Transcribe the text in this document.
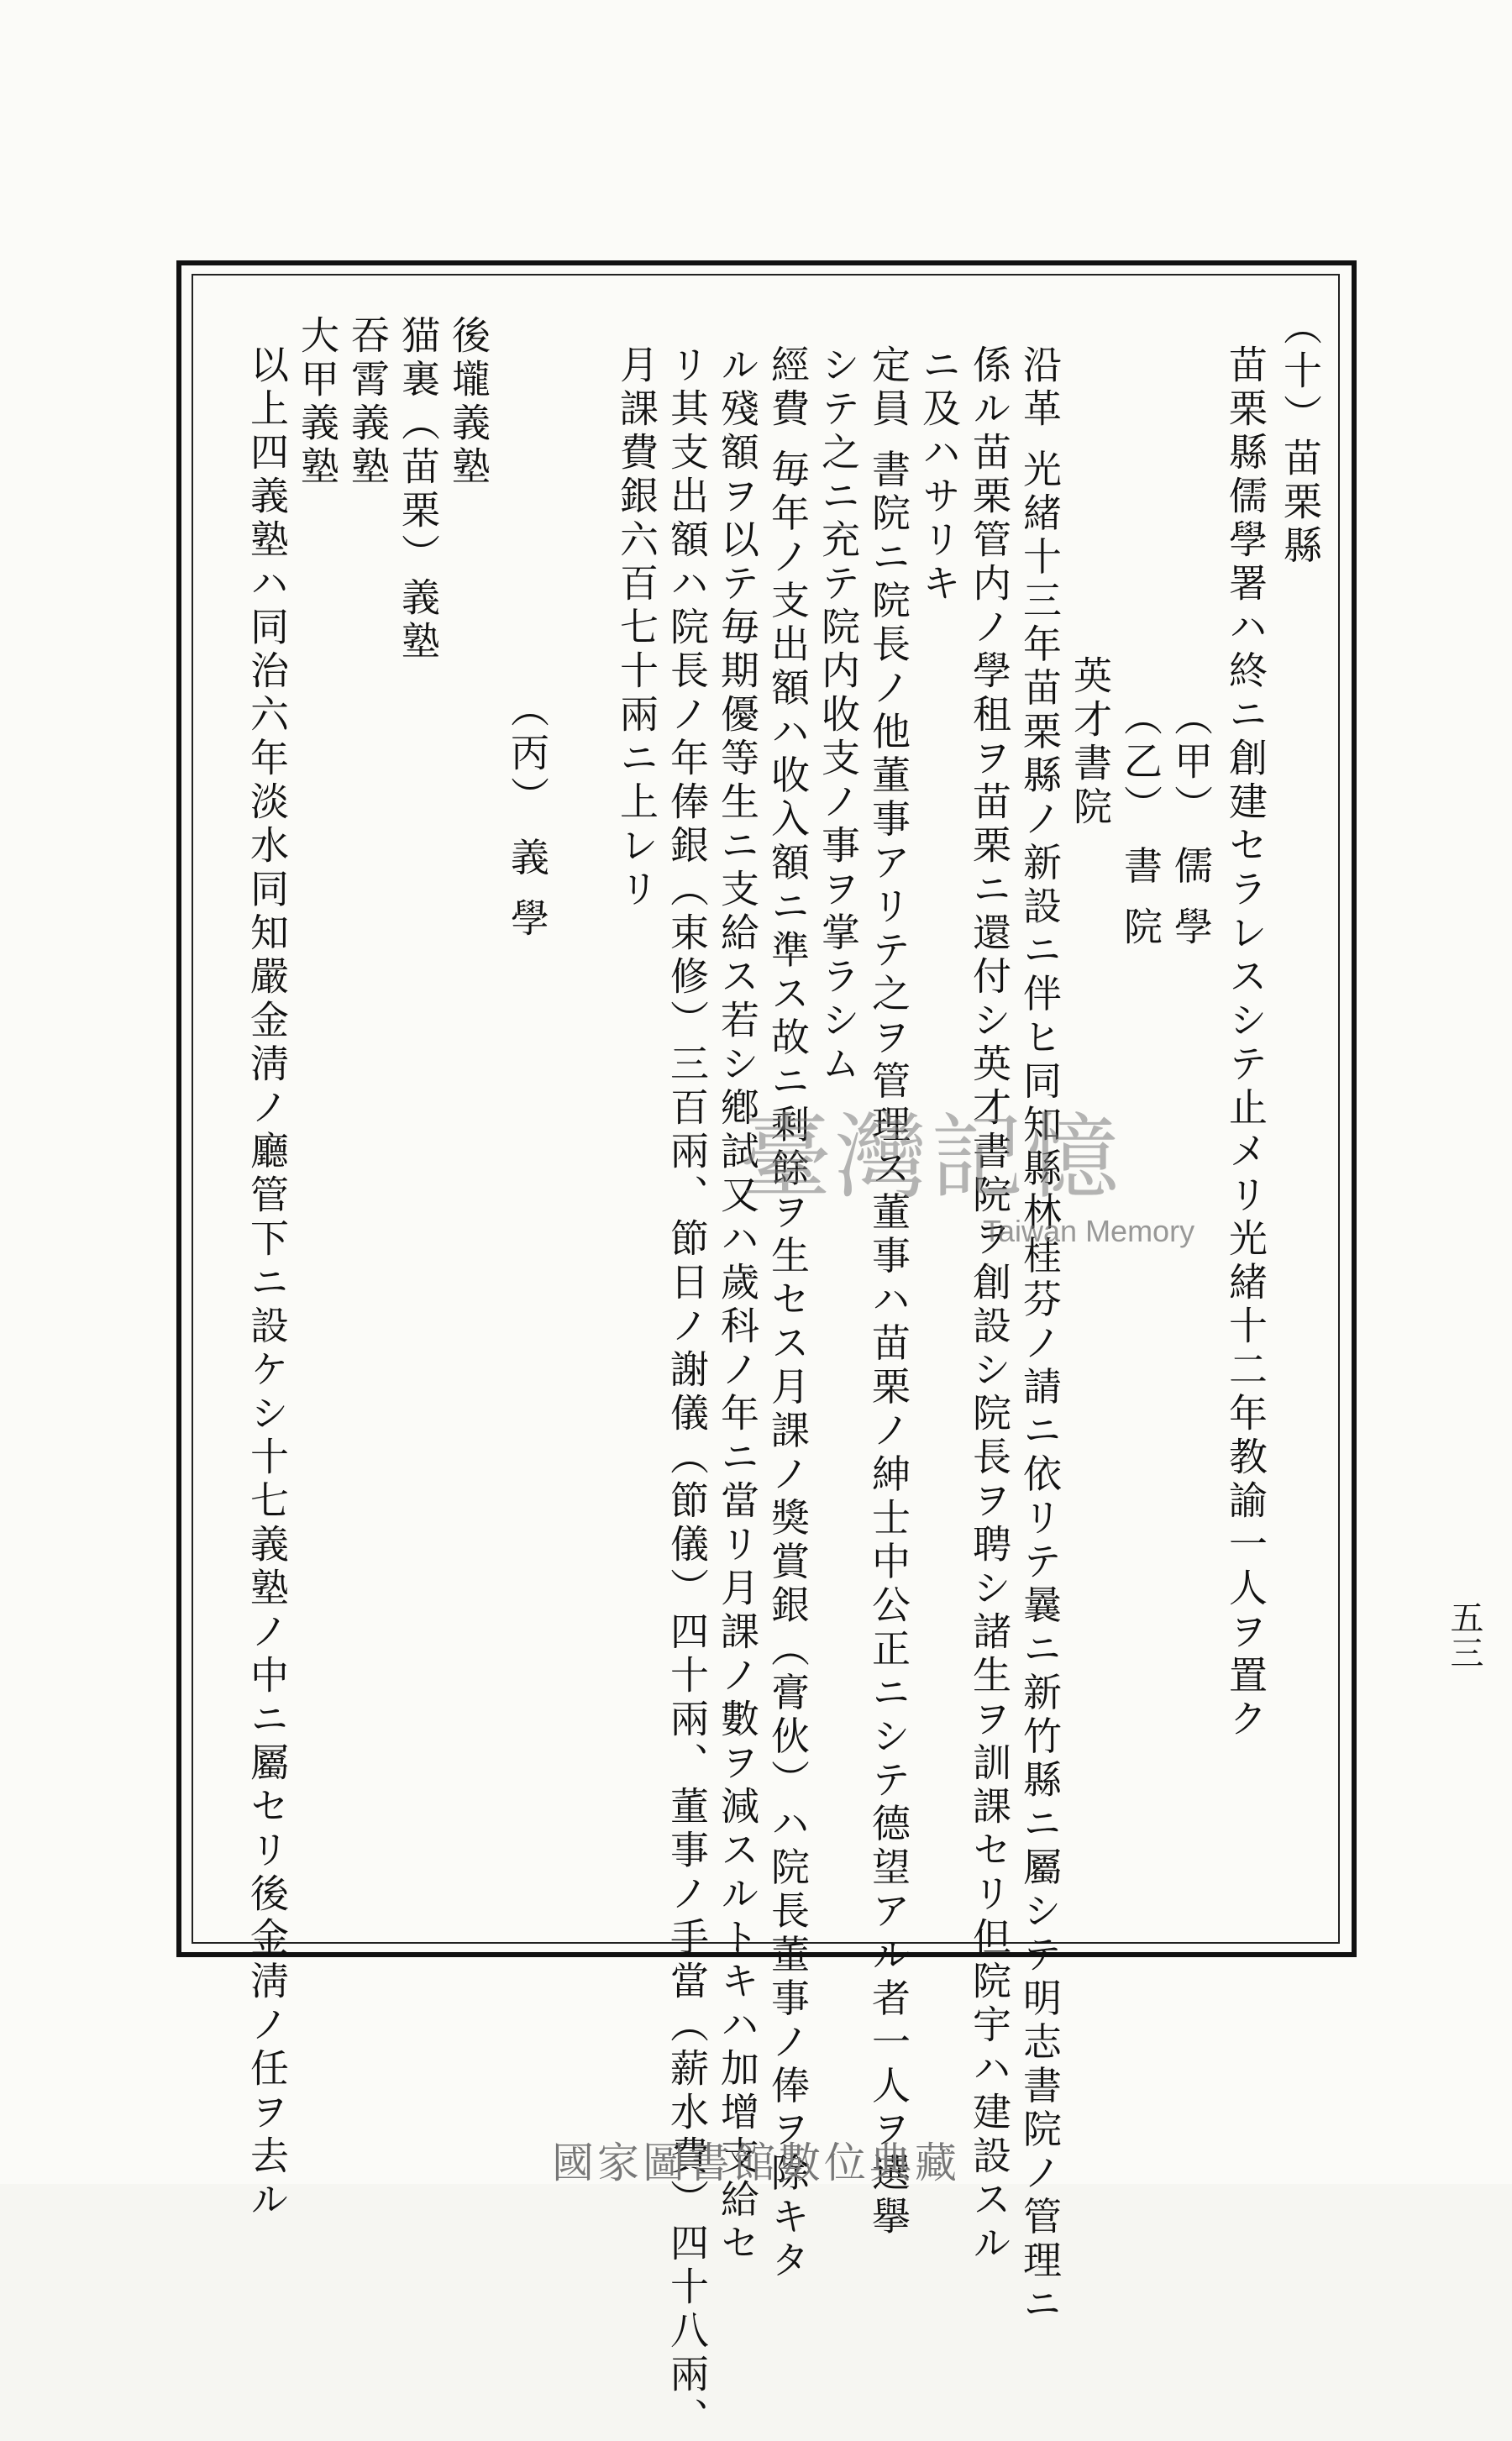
（十）苗栗縣
苗栗縣儒學署ハ終ニ創建セラレスシテ止メリ光緒十二年教諭一人ヲ置ク
（甲） 儒 學
（乙） 書 院
英才書院
沿革 光緒十三年苗栗縣ノ新設ニ伴ヒ同知縣林桂芬ノ請ニ依リテ曩ニ新竹縣ニ屬シテ明志書院ノ管理ニ
係ル苗栗管内ノ學租ヲ苗栗ニ還付シ英才書院ヲ創設シ院長ヲ聘シ諸生ヲ訓課セリ但院宇ハ建設スル
ニ及ハサリキ
定員 書院ニ院長ノ他董事アリテ之ヲ管理ス董事ハ苗栗ノ紳士中公正ニシテ德望アル者一人ヲ選擧
シテ之ニ充テ院内收支ノ事ヲ掌ラシム
經費 毎年ノ支出額ハ收入額ニ準ス故ニ剩餘ヲ生セス月課ノ獎賞銀（膏伙）ハ院長董事ノ俸ヲ除キタ
ル殘額ヲ以テ毎期優等生ニ支給ス若シ鄕試又ハ歲科ノ年ニ當リ月課ノ數ヲ減スルトキハ加增支給セ
リ其支出額ハ院長ノ年俸銀（束修）三百兩、節日ノ謝儀（節儀）四十兩、董事ノ手當（薪水費）四十八兩、
月課費銀六百七十兩ニ上レリ
（丙） 義 學
後壠義塾
猫裏（苗栗）義塾
吞霄義塾
大甲義塾
以上四義塾ハ同治六年淡水同知嚴金淸ノ廳管下ニ設ケシ十七義塾ノ中ニ屬セリ後金淸ノ任ヲ去ル	五三
臺灣記憶
Taiwan Memory
國家圖書館數位典藏
